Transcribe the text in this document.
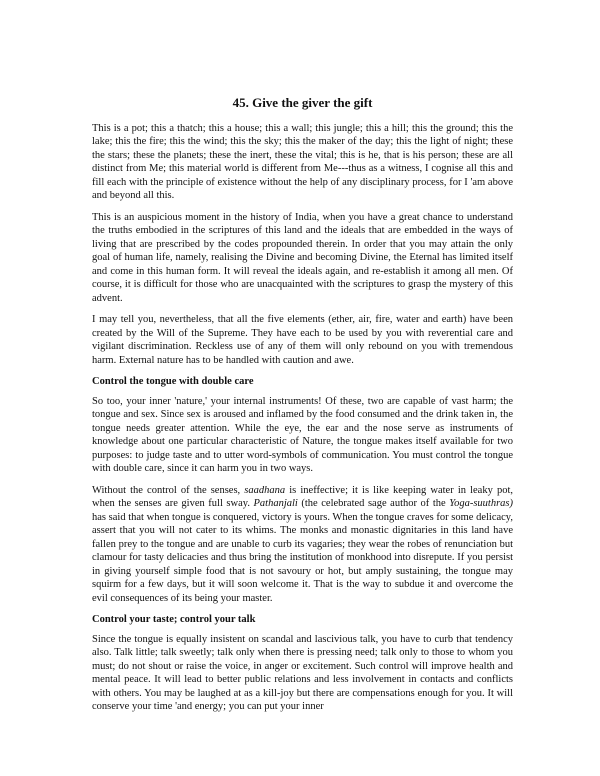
45. Give the giver the gift

This is a pot; this a thatch; this a house; this a wall; this jungle; this a hill; this the ground; this the lake; this the fire; this the wind; this the sky; this the maker of the day; this the light of night; these the stars; these the planets; these the inert, these the vital; this is he, that is his person; these are all distinct from Me; this material world is different from Me---thus as a witness, I cognise all this and fill each with the principle of existence without the help of any disciplinary process, for I 'am above and beyond all this.

This is an auspicious moment in the history of India, when you have a great chance to understand the truths embodied in the scriptures of this land and the ideals that are embedded in the ways of living that are prescribed by the codes propounded therein. In order that you may attain the only goal of human life, namely, realising the Divine and becoming Divine, the Eternal has limited itself and come in this human form. It will reveal the ideals again, and re-establish it among all men. Of course, it is difficult for those who are unacquainted with the scriptures to grasp the mystery of this advent.

I may tell you, nevertheless, that all the five elements (ether, air, fire, water and earth) have been created by the Will of the Supreme. They have each to be used by you with reverential care and vigilant discrimination. Reckless use of any of them will only rebound on you with tremendous harm. External nature has to be handled with caution and awe.

Control the tongue with double care

So too, your inner 'nature,' your internal instruments! Of these, two are capable of vast harm; the tongue and sex. Since sex is aroused and inflamed by the food consumed and the drink taken in, the tongue needs greater attention. While the eye, the ear and the nose serve as instruments of knowledge about one particular characteristic of Nature, the tongue makes itself available for two purposes: to judge taste and to utter word-symbols of communication. You must control the tongue with double care, since it can harm you in two ways.

Without the control of the senses, saadhana is ineffective; it is like keeping water in leaky pot, when the senses are given full sway. Pathanjali (the celebrated sage author of the Yoga-suuthras) has said that when tongue is conquered, victory is yours. When the tongue craves for some delicacy, assert that you will not cater to its whims. The monks and monastic dignitaries in this land have fallen prey to the tongue and are unable to curb its vagaries; they wear the robes of renunciation but clamour for tasty delicacies and thus bring the institution of monkhood into disrepute. If you persist in giving yourself simple food that is not savoury or hot, but amply sustaining, the tongue may squirm for a few days, but it will soon welcome it. That is the way to subdue it and overcome the evil consequences of its being your master.

Control your taste; control your talk

Since the tongue is equally insistent on scandal and lascivious talk, you have to curb that tendency also. Talk little; talk sweetly; talk only when there is pressing need; talk only to those to whom you must; do not shout or raise the voice, in anger or excitement. Such control will improve health and mental peace. It will lead to better public relations and less involvement in contacts and conflicts with others. You may be laughed at as a kill-joy but there are compensations enough for you. It will conserve your time 'and energy; you can put your inner
